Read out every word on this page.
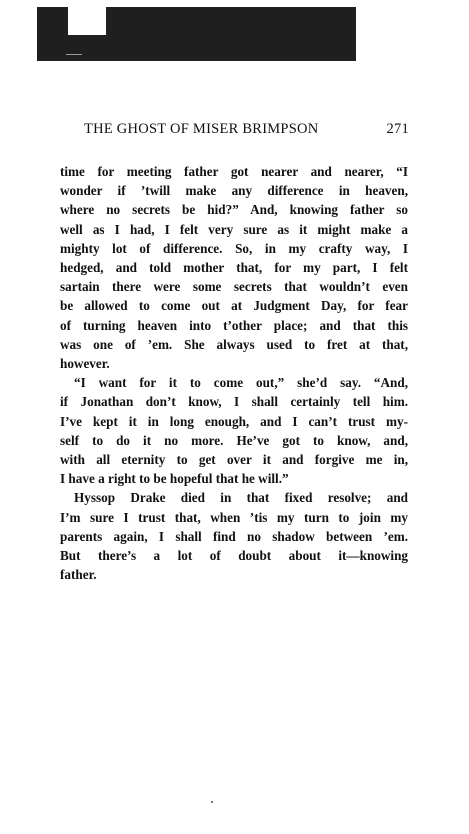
THE GHOST OF MISER BRIMPSON	271
time for meeting father got nearer and nearer, “I
wonder if ’twill make any difference in heaven,
where no secrets be hid?” And, knowing father so
well as I had, I felt very sure as it might make a
mighty lot of difference. So, in my crafty way, I
hedged, and told mother that, for my part, I felt
sartain there were some secrets that wouldn’t even
be allowed to come out at Judgment Day, for fear
of turning heaven into t’other place; and that this
was one of ’em. She always used to fret at that,
however.
“I want for it to come out,” she’d say. “And,
if Jonathan don’t know, I shall certainly tell him.
I’ve kept it in long enough, and I can’t trust my-
self to do it no more. He’ve got to know, and,
with all eternity to get over it and forgive me in,
I have a right to be hopeful that he will.”
Hyssop Drake died in that fixed resolve; and
I’m sure I trust that, when ’tis my turn to join my
parents again, I shall find no shadow between ’em.
But there’s a lot of doubt about it—knowing
father.
